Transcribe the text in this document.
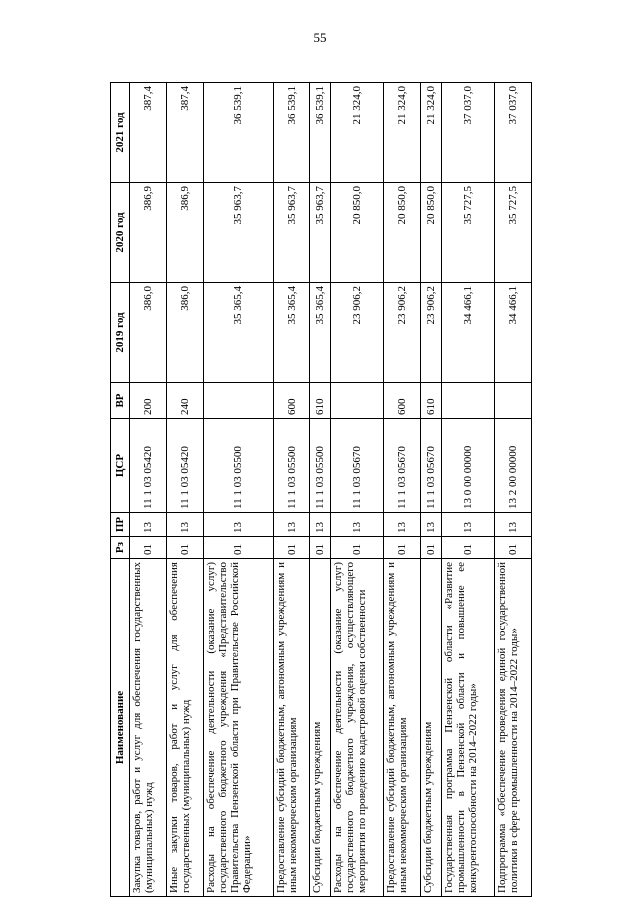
55
Наименование	Рз	ПР	ЦСР	ВР	2019 год	2020 год	2021 год
Закупка товаров, работ и услуг для обеспечения государственных (муниципальных) нужд	01	13	11 1 03 05420	200	386,0	386,9	387,4
Иные закупки товаров, работ и услуг для обеспечения государственных (муниципальных) нужд	01	13	11 1 03 05420	240	386,0	386,9	387,4
Расходы на обеспечение деятельности (оказание услуг) государственного бюджетного учреждения «Представительство Правительства Пензенской области при Правительстве Российской Федерации»	01	13	11 1 03 05500		35 365,4	35 963,7	36 539,1
Предоставление субсидий бюджетным, автономным учреждениям и иным некоммерческим организациям	01	13	11 1 03 05500	600	35 365,4	35 963,7	36 539,1
Субсидии бюджетным учреждениям	01	13	11 1 03 05500	610	35 365,4	35 963,7	36 539,1
Расходы на обеспечение деятельности (оказание услуг) государственного бюджетного учреждения, осуществляющего мероприятия по проведению кадастровой оценки собственности	01	13	11 1 03 05670		23 906,2	20 850,0	21 324,0
Предоставление субсидий бюджетным, автономным учреждениям и иным некоммерческим организациям	01	13	11 1 03 05670	600	23 906,2	20 850,0	21 324,0
Субсидии бюджетным учреждениям	01	13	11 1 03 05670	610	23 906,2	20 850,0	21 324,0
Государственная программа Пензенской области «Развитие промышленности в Пензенской области и повышение ее конкурентоспособности на 2014–2022 годы»	01	13	13 0 00 00000		34 466,1	35 727,5	37 037,0
Подпрограмма «Обеспечение проведения единой государственной политики в сфере промышленности на 2014–2022 годы»	01	13	13 2 00 00000		34 466,1	35 727,5	37 037,0
